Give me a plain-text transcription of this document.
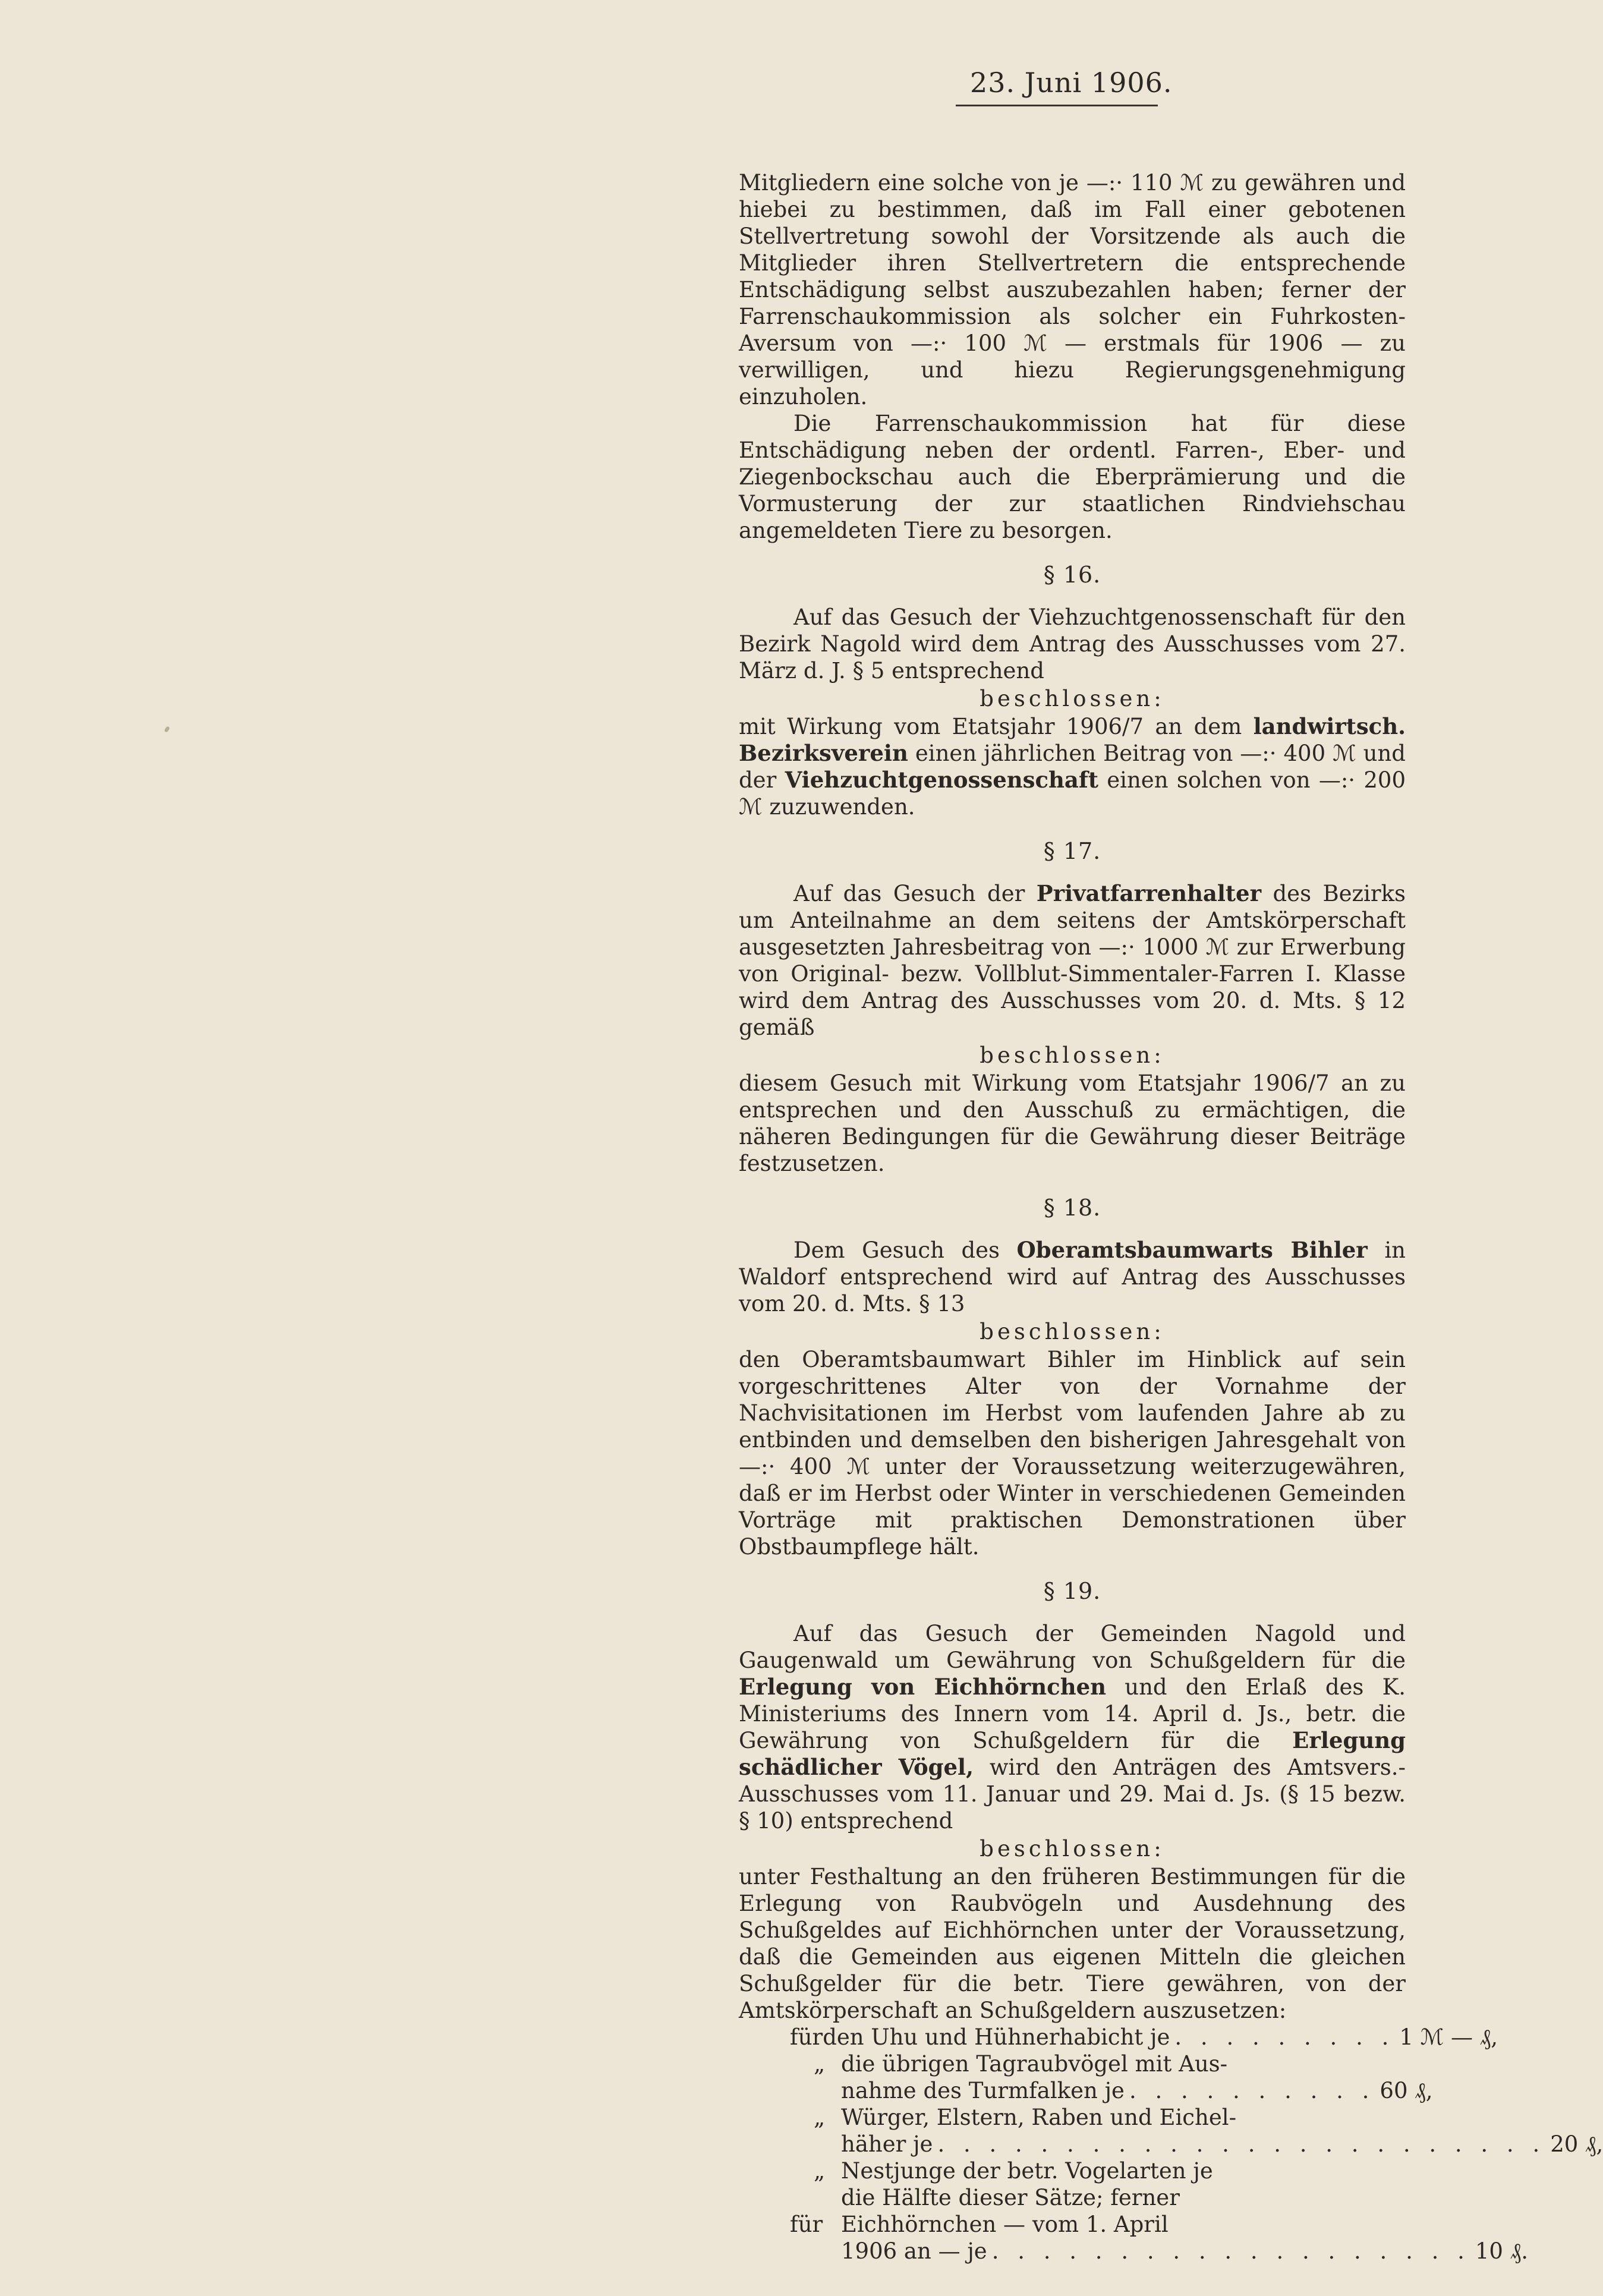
23. Juni 1906.

Mitgliedern eine solche von je —:· 110 ℳ zu gewähren und hiebei zu bestimmen, daß im Fall einer gebotenen Stellvertretung sowohl der Vorsitzende als auch die Mitglieder ihren Stellvertretern die entsprechende Entschädigung selbst auszubezahlen haben; ferner der Farrenschaukommission als solcher ein Fuhrkosten-Aversum von —:· 100 ℳ — erstmals für 1906 — zu verwilligen, und hiezu Regierungsgenehmigung einzuholen.

Die Farrenschaukommission hat für diese Entschädigung neben der ordentl. Farren-, Eber- und Ziegenbockschau auch die Eberprämierung und die Vormusterung der zur staatlichen Rindviehschau angemeldeten Tiere zu besorgen.

§ 16.

Auf das Gesuch der Viehzuchtgenossenschaft für den Bezirk Nagold wird dem Antrag des Ausschusses vom 27. März d. J. § 5 entsprechend

beschlossen:

mit Wirkung vom Etatsjahr 1906/7 an dem landwirtsch. Bezirksverein einen jährlichen Beitrag von —:· 400 ℳ und der Viehzuchtgenossenschaft einen solchen von —:· 200 ℳ zuzuwenden.

§ 17.

Auf das Gesuch der Privatfarrenhalter des Bezirks um Anteilnahme an dem seitens der Amtskörperschaft ausgesetzten Jahresbeitrag von —:· 1000 ℳ zur Erwerbung von Original- bezw. Vollblut-Simmentaler-Farren I. Klasse wird dem Antrag des Ausschusses vom 20. d. Mts. § 12 gemäß

beschlossen:

diesem Gesuch mit Wirkung vom Etatsjahr 1906/7 an zu entsprechen und den Ausschuß zu ermächtigen, die näheren Bedingungen für die Gewährung dieser Beiträge festzusetzen.

§ 18.

Dem Gesuch des Oberamtsbaumwarts Bihler in Waldorf entsprechend wird auf Antrag des Ausschusses vom 20. d. Mts. § 13

beschlossen:

den Oberamtsbaumwart Bihler im Hinblick auf sein vorgeschrittenes Alter von der Vornahme der Nachvisitationen im Herbst vom laufenden Jahre ab zu entbinden und demselben den bisherigen Jahresgehalt von —:· 400 ℳ unter der Voraussetzung weiterzugewähren, daß er im Herbst oder Winter in verschiedenen Gemeinden Vorträge mit praktischen Demonstrationen über Obstbaumpflege hält.

§ 19.

Auf das Gesuch der Gemeinden Nagold und Gaugenwald um Gewährung von Schußgeldern für die Erlegung von Eichhörnchen und den Erlaß des K. Ministeriums des Innern vom 14. April d. Js., betr. die Gewährung von Schußgeldern für die Erlegung schädlicher Vögel, wird den Anträgen des Amtsvers.-Ausschusses vom 11. Januar und 29. Mai d. Js. (§ 15 bezw. § 10) entsprechend

beschlossen:

unter Festhaltung an den früheren Bestimmungen für die Erlegung von Raubvögeln und Ausdehnung des Schußgeldes auf Eichhörnchen unter der Voraussetzung, daß die Gemeinden aus eigenen Mitteln die gleichen Schußgelder für die betr. Tiere gewähren, von der Amtskörperschaft an Schußgeldern auszusetzen:

für den Uhu und Hühnerhabicht je . . . . . . . . . 1 ℳ — ₰,
„ die übrigen Tagraubvögel mit Aus-
nahme des Turmfalken je . . . . . . . . . . 60 ₰,
„ Würger, Elstern, Raben und Eichel-
häher je . . . . . . . . . . . . . . . . . . . . . . . . 20 ₰,
„ Nestjunge der betr. Vogelarten je
die Hälfte dieser Sätze; ferner
für Eichhörnchen — vom 1. April
1906 an — je . . . . . . . . . . . . . . . . . . . 10 ₰.
